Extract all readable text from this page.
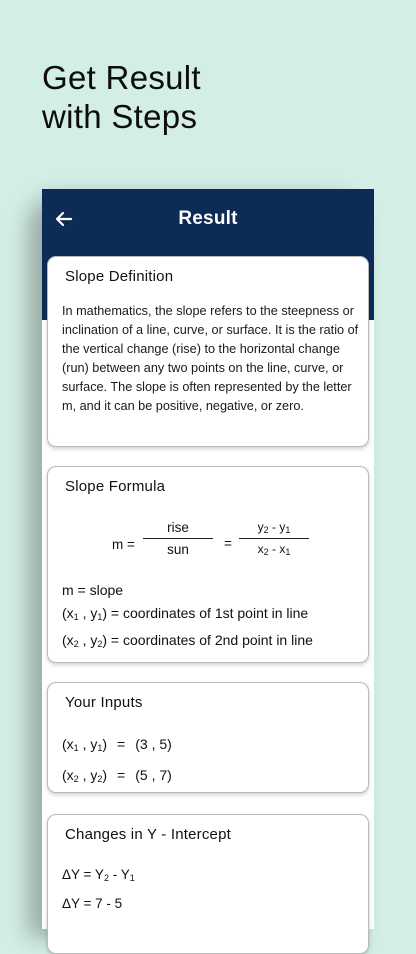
Get Result
with Steps
Result
Slope Definition
In mathematics, the slope refers to the steepness or inclination of a line, curve, or surface. It is the ratio of the vertical change (rise) to the horizontal change (run) between any two points on the line, curve, or surface. The slope is often represented by the letter m, and it can be positive, negative, or zero.
Slope Formula
m =
rise
sun	=
$y_2 - y_1$
$x_2 - x_1$
m = slope
($x_1$ , $y_1$) = coordinates of 1st point in line
($x_2$ , $y_2$) = coordinates of 2nd point in line
Your Inputs
($x_1$ , $y_1) = (3$ , 5)
($x_2$ , $y_2) = (5$ , 7)
Changes in Y - Intercept
$\Delta Y = Y_2 - Y_1$
ΔY = 7 - 5
